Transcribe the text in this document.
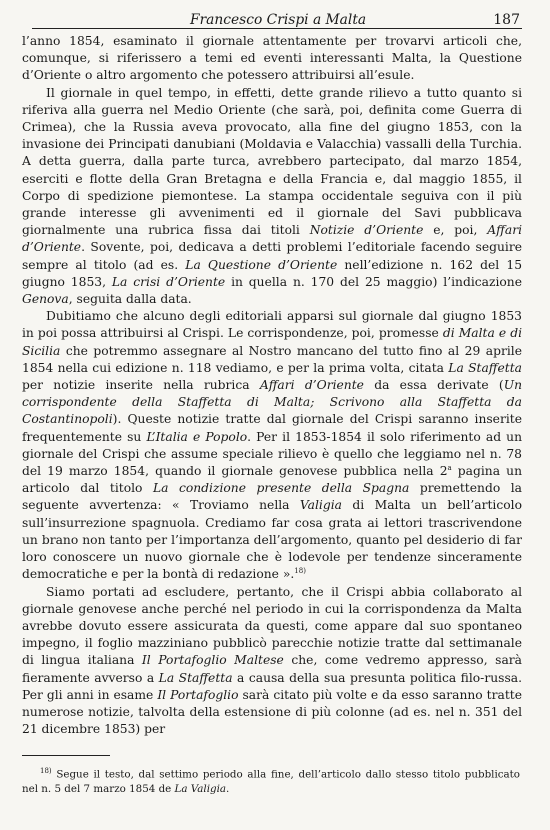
Francesco Crispi a Malta	187

l’anno 1854, esaminato il giornale attentamente per trovarvi articoli che, comunque, si riferissero a temi ed eventi interessanti Malta, la Questione d’Oriente o altro argomento che potessero attribuirsi all’esule.

Il giornale in quel tempo, in effetti, dette grande rilievo a tutto quanto si riferiva alla guerra nel Medio Oriente (che sarà, poi, definita come Guerra di Crimea), che la Russia aveva provocato, alla fine del giugno 1853, con la invasione dei Principati danubiani (Moldavia e Valacchia) vassalli della Turchia. A detta guerra, dalla parte turca, avrebbero partecipato, dal marzo 1854, eserciti e flotte della Gran Bretagna e della Francia e, dal maggio 1855, il Corpo di spedizione piemontese. La stampa occidentale seguiva con il più grande interesse gli avvenimenti ed il giornale del Savi pubblicava giornalmente una rubrica fissa dai titoli Notizie d’Oriente e, poi, Affari d’Oriente. Sovente, poi, dedicava a detti problemi l’editoriale facendo seguire sempre al titolo (ad es. La Questione d’Oriente nell’edizione n. 162 del 15 giugno 1853, La crisi d’Oriente in quella n. 170 del 25 maggio) l’indicazione Genova, seguita dalla data.

Dubitiamo che alcuno degli editoriali apparsi sul giornale dal giugno 1853 in poi possa attribuirsi al Crispi. Le corrispondenze, poi, promesse di Malta e di Sicilia che potremmo assegnare al Nostro mancano del tutto fino al 29 aprile 1854 nella cui edizione n. 118 vediamo, e per la prima volta, citata La Staffetta per notizie inserite nella rubrica Affari d’Oriente da essa derivate (Un corrispondente della Staffetta di Malta; Scrivono alla Staffetta da Costantinopoli). Queste notizie tratte dal giornale del Crispi saranno inserite frequentemente su L’Italia e Popolo. Per il 1853-1854 il solo riferimento ad un giornale del Crispi che assume speciale rilievo è quello che leggiamo nel n. 78 del 19 marzo 1854, quando il giornale genovese pubblica nella 2$^a$ pagina un articolo dal titolo La condizione presente della Spagna premettendo la seguente avvertenza: « Troviamo nella Valigia di Malta un bell’articolo sull’insurrezione spagnuola. Crediamo far cosa grata ai lettori trascrivendone un brano non tanto per l’importanza dell’argomento, quanto pel desiderio di far loro conoscere un nuovo giornale che è lodevole per tendenze sinceramente democratiche e per la bontà di redazione ».$^{18)}$

Siamo portati ad escludere, pertanto, che il Crispi abbia collaborato al giornale genovese anche perché nel periodo in cui la corrispondenza da Malta avrebbe dovuto essere assicurata da questi, come appare dal suo spontaneo impegno, il foglio mazziniano pubblicò parecchie notizie tratte dal settimanale di lingua italiana Il Portafoglio Maltese che, come vedremo appresso, sarà fieramente avverso a La Staffetta a causa della sua presunta politica filo-russa. Per gli anni in esame Il Portafoglio sarà citato più volte e da esso saranno tratte numerose notizie, talvolta della estensione di più colonne (ad es. nel n. 351 del 21 dicembre 1853) per

$^{18)}$ Segue il testo, dal settimo periodo alla fine, dell’articolo dallo stesso titolo pubblicato nel n. 5 del 7 marzo 1854 de La Valigia.
